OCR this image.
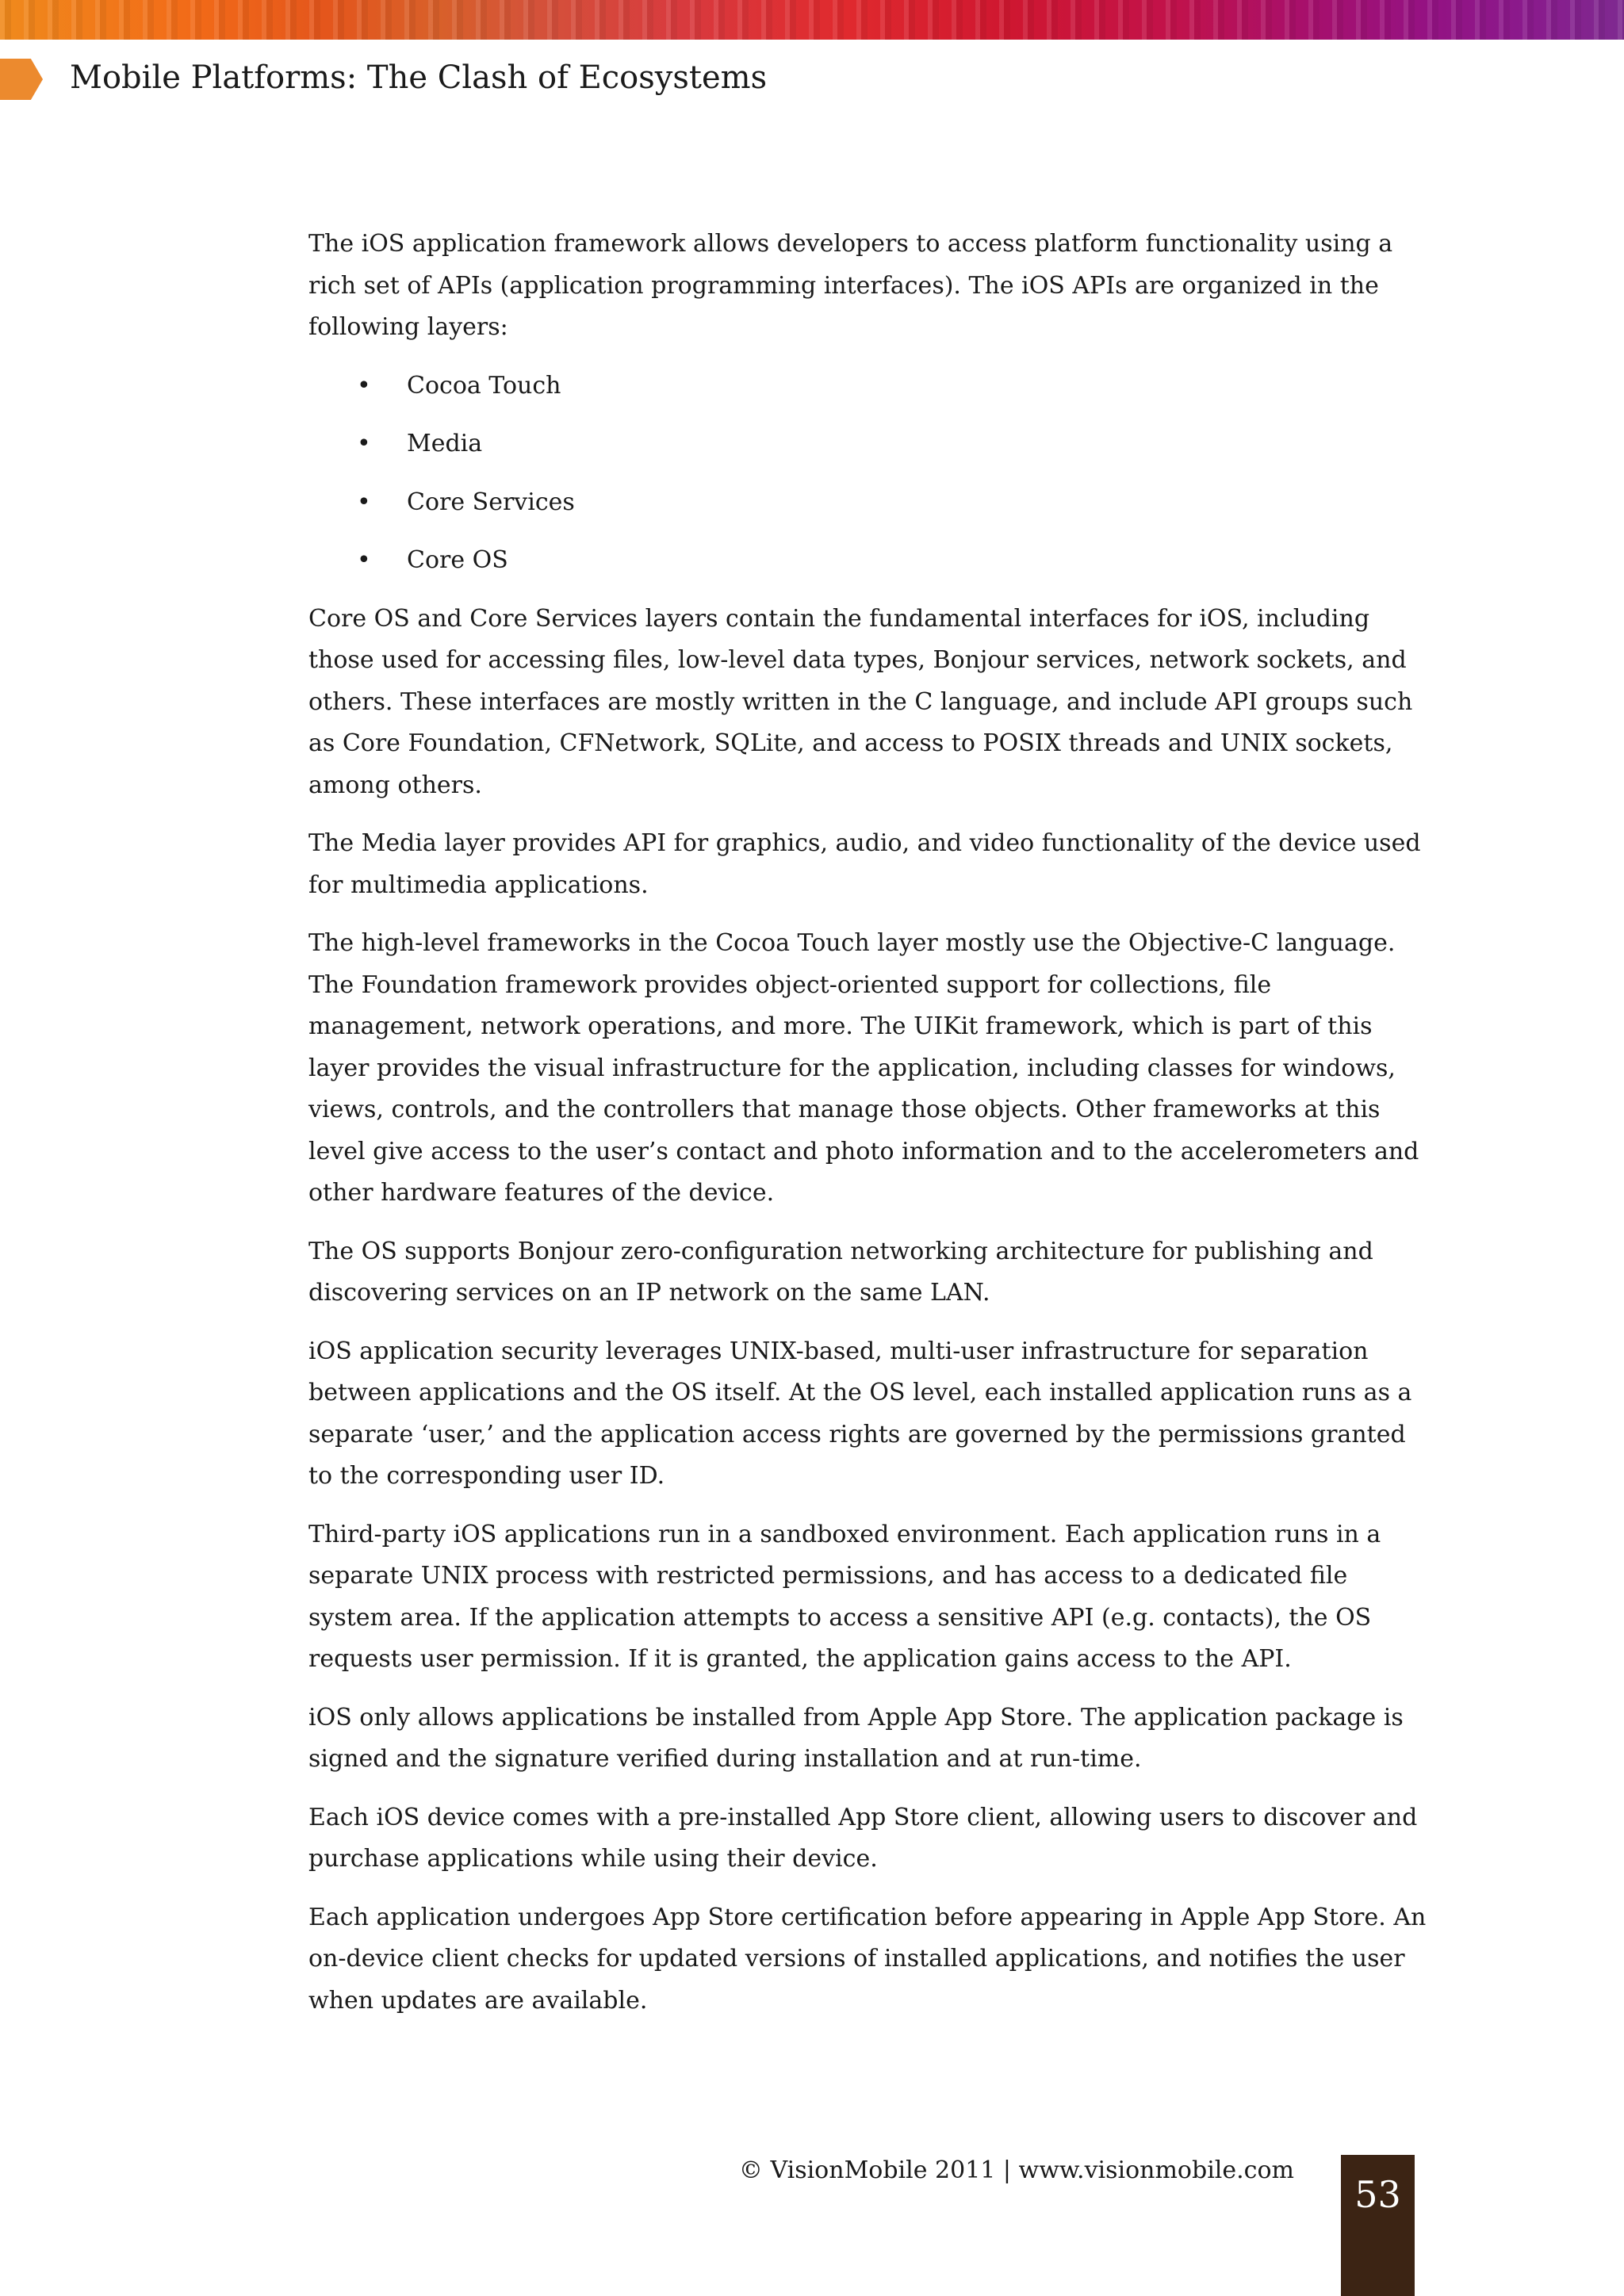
Mobile Platforms: The Clash of Ecosystems

The iOS application framework allows developers to access platform functionality using a rich set of APIs (application programming interfaces). The iOS APIs are organized in the following layers:

• Cocoa Touch
• Media
• Core Services
• Core OS

Core OS and Core Services layers contain the fundamental interfaces for iOS, including those used for accessing files, low-level data types, Bonjour services, network sockets, and others. These interfaces are mostly written in the C language, and include API groups such as Core Foundation, CFNetwork, SQLite, and access to POSIX threads and UNIX sockets, among others.

The Media layer provides API for graphics, audio, and video functionality of the device used for multimedia applications.

The high-level frameworks in the Cocoa Touch layer mostly use the Objective-C language. The Foundation framework provides object-oriented support for collections, file management, network operations, and more. The UIKit framework, which is part of this layer provides the visual infrastructure for the application, including classes for windows, views, controls, and the controllers that manage those objects. Other frameworks at this level give access to the user’s contact and photo information and to the accelerometers and other hardware features of the device.

The OS supports Bonjour zero-configuration networking architecture for publishing and discovering services on an IP network on the same LAN.

iOS application security leverages UNIX-based, multi-user infrastructure for separation between applications and the OS itself. At the OS level, each installed application runs as a separate ‘user,’ and the application access rights are governed by the permissions granted to the corresponding user ID.

Third-party iOS applications run in a sandboxed environment. Each application runs in a separate UNIX process with restricted permissions, and has access to a dedicated file system area. If the application attempts to access a sensitive API (e.g. contacts), the OS requests user permission. If it is granted, the application gains access to the API.

iOS only allows applications be installed from Apple App Store. The application package is signed and the signature verified during installation and at run-time.

Each iOS device comes with a pre-installed App Store client, allowing users to discover and purchase applications while using their device.

Each application undergoes App Store certification before appearing in Apple App Store. An on-device client checks for updated versions of installed applications, and notifies the user when updates are available.

© VisionMobile 2011 | www.visionmobile.com
53
